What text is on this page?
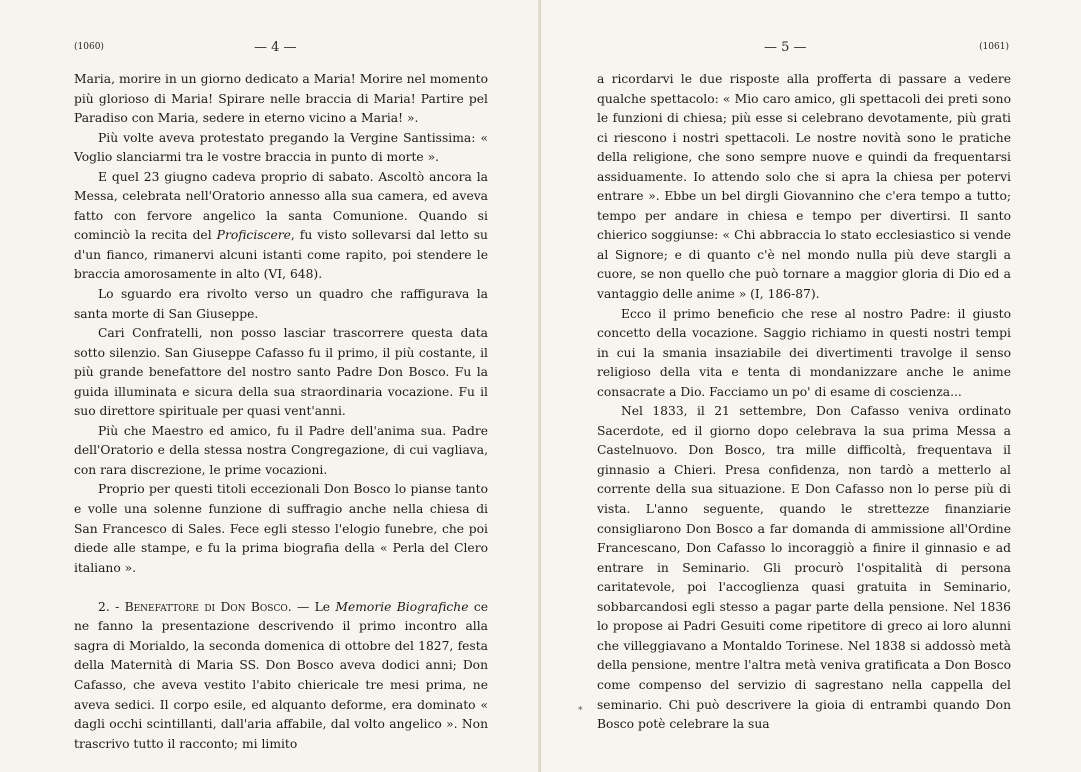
(1060)	— 4 —

Maria, morire in un giorno dedicato a Maria! Morire nel momento più glorioso di Maria! Spirare nelle braccia di Maria! Partire pel Paradiso con Maria, sedere in eterno vicino a Maria! ».

Più volte aveva protestato pregando la Vergine Santissima: « Voglio slanciarmi tra le vostre braccia in punto di morte ».

E quel 23 giugno cadeva proprio di sabato. Ascoltò ancora la Messa, celebrata nell'Oratorio annesso alla sua camera, ed aveva fatto con fervore angelico la santa Comunione. Quando si cominciò la recita del Proficiscere, fu visto sollevarsi dal letto su d'un fianco, rimanervi alcuni istanti come rapito, poi stendere le braccia amorosamente in alto (VI, 648).

Lo sguardo era rivolto verso un quadro che raffigurava la santa morte di San Giuseppe.

Cari Confratelli, non posso lasciar trascorrere questa data sotto silenzio. San Giuseppe Cafasso fu il primo, il più costante, il più grande benefattore del nostro santo Padre Don Bosco. Fu la guida illuminata e sicura della sua straordinaria vocazione. Fu il suo direttore spirituale per quasi vent'anni.

Più che Maestro ed amico, fu il Padre dell'anima sua. Padre dell'Oratorio e della stessa nostra Congregazione, di cui vagliava, con rara discrezione, le prime vocazioni.

Proprio per questi titoli eccezionali Don Bosco lo pianse tanto e volle una solenne funzione di suffragio anche nella chiesa di San Francesco di Sales. Fece egli stesso l'elogio funebre, che poi diede alle stampe, e fu la prima biografia della « Perla del Clero italiano ».

2. - Benefattore di Don Bosco. — Le Memorie Biografiche ce ne fanno la presentazione descrivendo il primo incontro alla sagra di Morialdo, la seconda domenica di ottobre del 1827, festa della Maternità di Maria SS. Don Bosco aveva dodici anni; Don Cafasso, che aveva vestito l'abito chiericale tre mesi prima, ne aveva sedici. Il corpo esile, ed alquanto deforme, era dominato « dagli occhi scintillanti, dall'aria affabile, dal volto angelico ». Non trascrivo tutto il racconto; mi limito

— 5 —	(1061)

a ricordarvi le due risposte alla profferta di passare a vedere qualche spettacolo: « Mio caro amico, gli spettacoli dei preti sono le funzioni di chiesa; più esse si celebrano devotamente, più grati ci riescono i nostri spettacoli. Le nostre novità sono le pratiche della religione, che sono sempre nuove e quindi da frequentarsi assiduamente. Io attendo solo che si apra la chiesa per potervi entrare ». Ebbe un bel dirgli Giovannino che c'era tempo a tutto; tempo per andare in chiesa e tempo per divertirsi. Il santo chierico soggiunse: « Chi abbraccia lo stato ecclesiastico si vende al Signore; e di quanto c'è nel mondo nulla più deve stargli a cuore, se non quello che può tornare a maggior gloria di Dio ed a vantaggio delle anime » (I, 186-87).

Ecco il primo beneficio che rese al nostro Padre: il giusto concetto della vocazione. Saggio richiamo in questi nostri tempi in cui la smania insaziabile dei divertimenti travolge il senso religioso della vita e tenta di mondanizzare anche le anime consacrate a Dio. Facciamo un po' di esame di coscienza...

Nel 1833, il 21 settembre, Don Cafasso veniva ordinato Sacerdote, ed il giorno dopo celebrava la sua prima Messa a Castelnuovo. Don Bosco, tra mille difficoltà, frequentava il ginnasio a Chieri. Presa confidenza, non tardò a metterlo al corrente della sua situazione. E Don Cafasso non lo perse più di vista. L'anno seguente, quando le strettezze finanziarie consigliarono Don Bosco a far domanda di ammissione all'Ordine Francescano, Don Cafasso lo incoraggiò a finire il ginnasio e ad entrare in Seminario. Gli procurò l'ospitalità di persona caritatevole, poi l'accoglienza quasi gratuita in Seminario, sobbarcandosi egli stesso a pagar parte della pensione. Nel 1836 lo propose ai Padri Gesuiti come ripetitore di greco ai loro alunni che villeggiavano a Montaldo Torinese. Nel 1838 si addossò metà della pensione, mentre l'altra metà veniva gratificata a Don Bosco come compenso del servizio di sagrestano nella cappella del seminario. Chi può descrivere la gioia di entrambi quando Don Bosco potè celebrare la sua

*
